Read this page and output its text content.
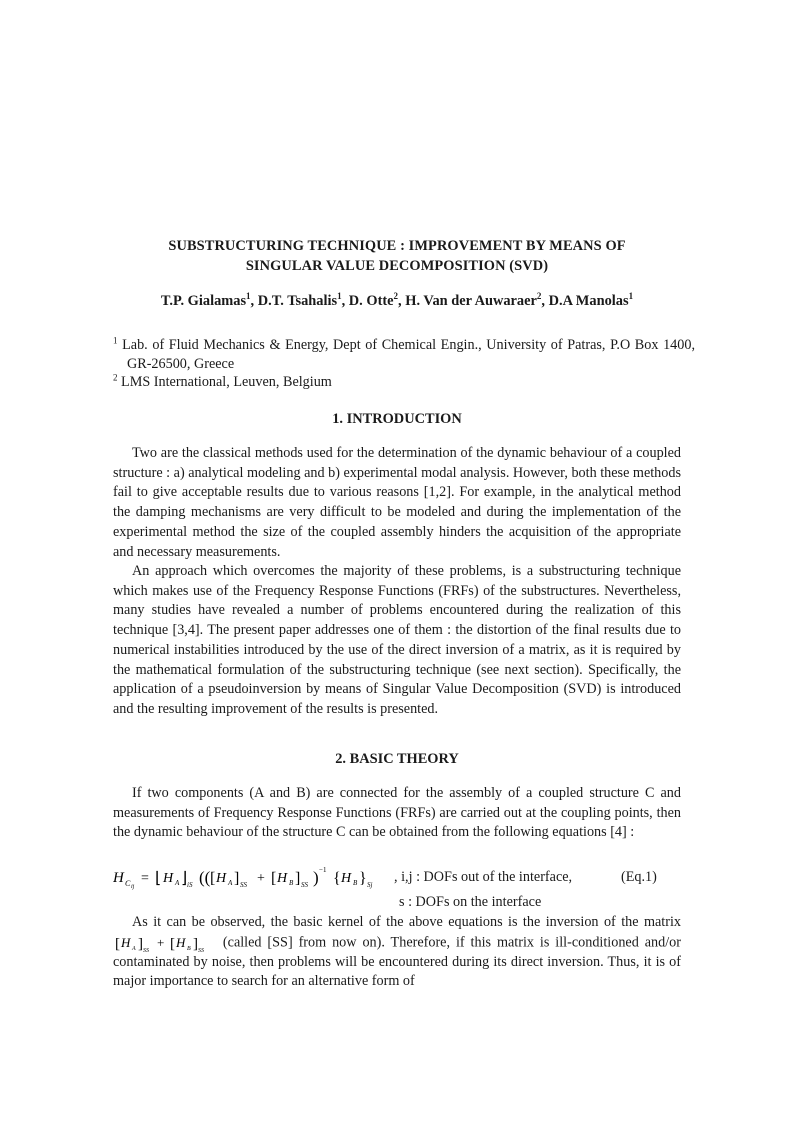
SUBSTRUCTURING TECHNIQUE : IMPROVEMENT BY MEANS OF
SINGULAR VALUE DECOMPOSITION (SVD)
T.P. Gialamas$^1$, D.T. Tsahalis$^1$, D. Otte$^2$, H. Van der Auwaraer$^2$, D.A Manolas$^1$
$^1$ Lab. of Fluid Mechanics & Energy, Dept of Chemical Engin., University of Patras, P.O Box 1400, GR-26500, Greece
$^2$ LMS International, Leuven, Belgium
1. INTRODUCTION

Two are the classical methods used for the determination of the dynamic behaviour of a coupled structure : a) analytical modeling and b) experimental modal analysis. However, both these methods fail to give acceptable results due to various reasons [1,2]. For example, in the analytical method the damping mechanisms are very difficult to be modeled and during the implementation of the experimental method the size of the coupled assembly hinders the acquisition of the appropriate and necessary measurements.

An approach which overcomes the majority of these problems, is a substructuring technique which makes use of the Frequency Response Functions (FRFs) of the substructures. Nevertheless, many studies have revealed a number of problems encountered during the realization of this technique [3,4]. The present paper addresses one of them : the distortion of the final results due to numerical instabilities introduced by the use of the direct inversion of a matrix, as it is required by the mathematical formulation of the substructuring technique (see next section). Specifically, the application of a pseudoinversion by means of Singular Value Decomposition (SVD) is introduced and the resulting improvement of the results is presented.

2. BASIC THEORY

If two components (A and B) are connected for the assembly of a coupled structure C and measurements of Frequency Response Functions (FRFs) are carried out at the coupling points, then the dynamic behaviour of the structure C can be obtained from the following equations [4] :

H C ij
= ⌊ H A ⌋ iS (( [ H A ] SS + [ H B ] SS ) −1 { H B } Sj , i,j : DOFs out of the interface,	(Eq.1)
s : DOFs on the interface

As it can be observed, the basic kernel of the above equations is the inversion of the matrix
[ H A ] SS
+ [ H B ] SS
(called [SS] from now on). Therefore, if this matrix is ill-conditioned and/or contaminated by noise, then problems will be encountered during its direct inversion. Thus, it is of major importance to search for an alternative form of
